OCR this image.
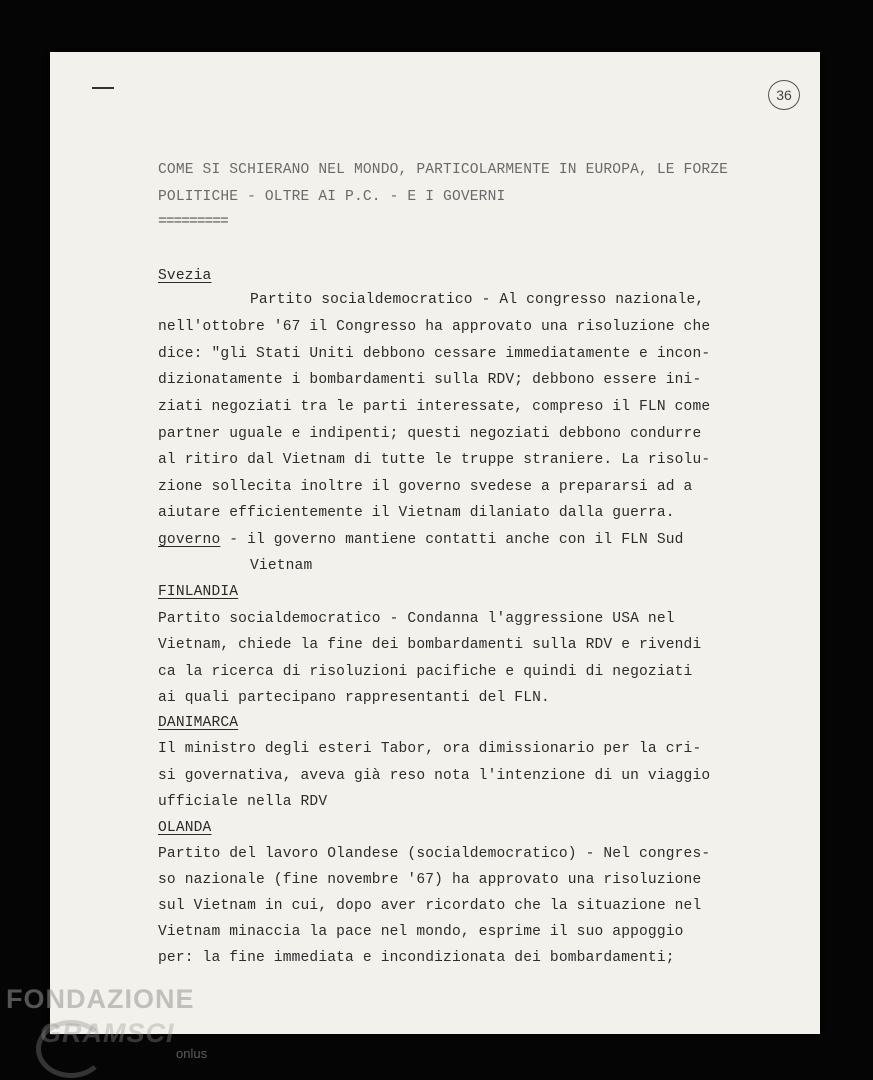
36
COME SI SCHIERANO NEL MONDO, PARTICOLARMENTE IN EUROPA, LE FORZE
POLITICHE - OLTRE AI P.C. - E I GOVERNI
=========
Svezia
Partito socialdemocratico - Al congresso nazionale,
nell'ottobre '67 il Congresso ha approvato una risoluzione che
dice: "gli Stati Uniti debbono cessare immediatamente e incon-
dizionatamente i bombardamenti sulla RDV; debbono essere ini-
ziati negoziati tra le parti interessate, compreso il FLN come
partner uguale e indipenti; questi negoziati debbono condurre
al ritiro dal Vietnam di tutte le truppe straniere. La risolu-
zione sollecita inoltre il governo svedese a prepararsi ad a
aiutare efficientemente il Vietnam dilaniato dalla guerra.
governo - il governo mantiene contatti anche con il FLN Sud
Vietnam
FINLANDIA
Partito socialdemocratico - Condanna l'aggressione USA nel
Vietnam, chiede la fine dei bombardamenti sulla RDV e rivendi
ca la ricerca di risoluzioni pacifiche e quindi di negoziati
ai quali partecipano rappresentanti del FLN.
DANIMARCA
Il ministro degli esteri Tabor, ora dimissionario per la cri-
si governativa, aveva già reso nota l'intenzione di un viaggio
ufficiale nella RDV
OLANDA
Partito del lavoro Olandese (socialdemocratico) - Nel congres-
so nazionale (fine novembre '67) ha approvato una risoluzione
sul Vietnam in cui, dopo aver ricordato che la situazione nel
Vietnam minaccia la pace nel mondo, esprime il suo appoggio
per: la fine immediata e incondizionata dei bombardamenti;
FONDAZIONE
GRAMSCI
onlus
